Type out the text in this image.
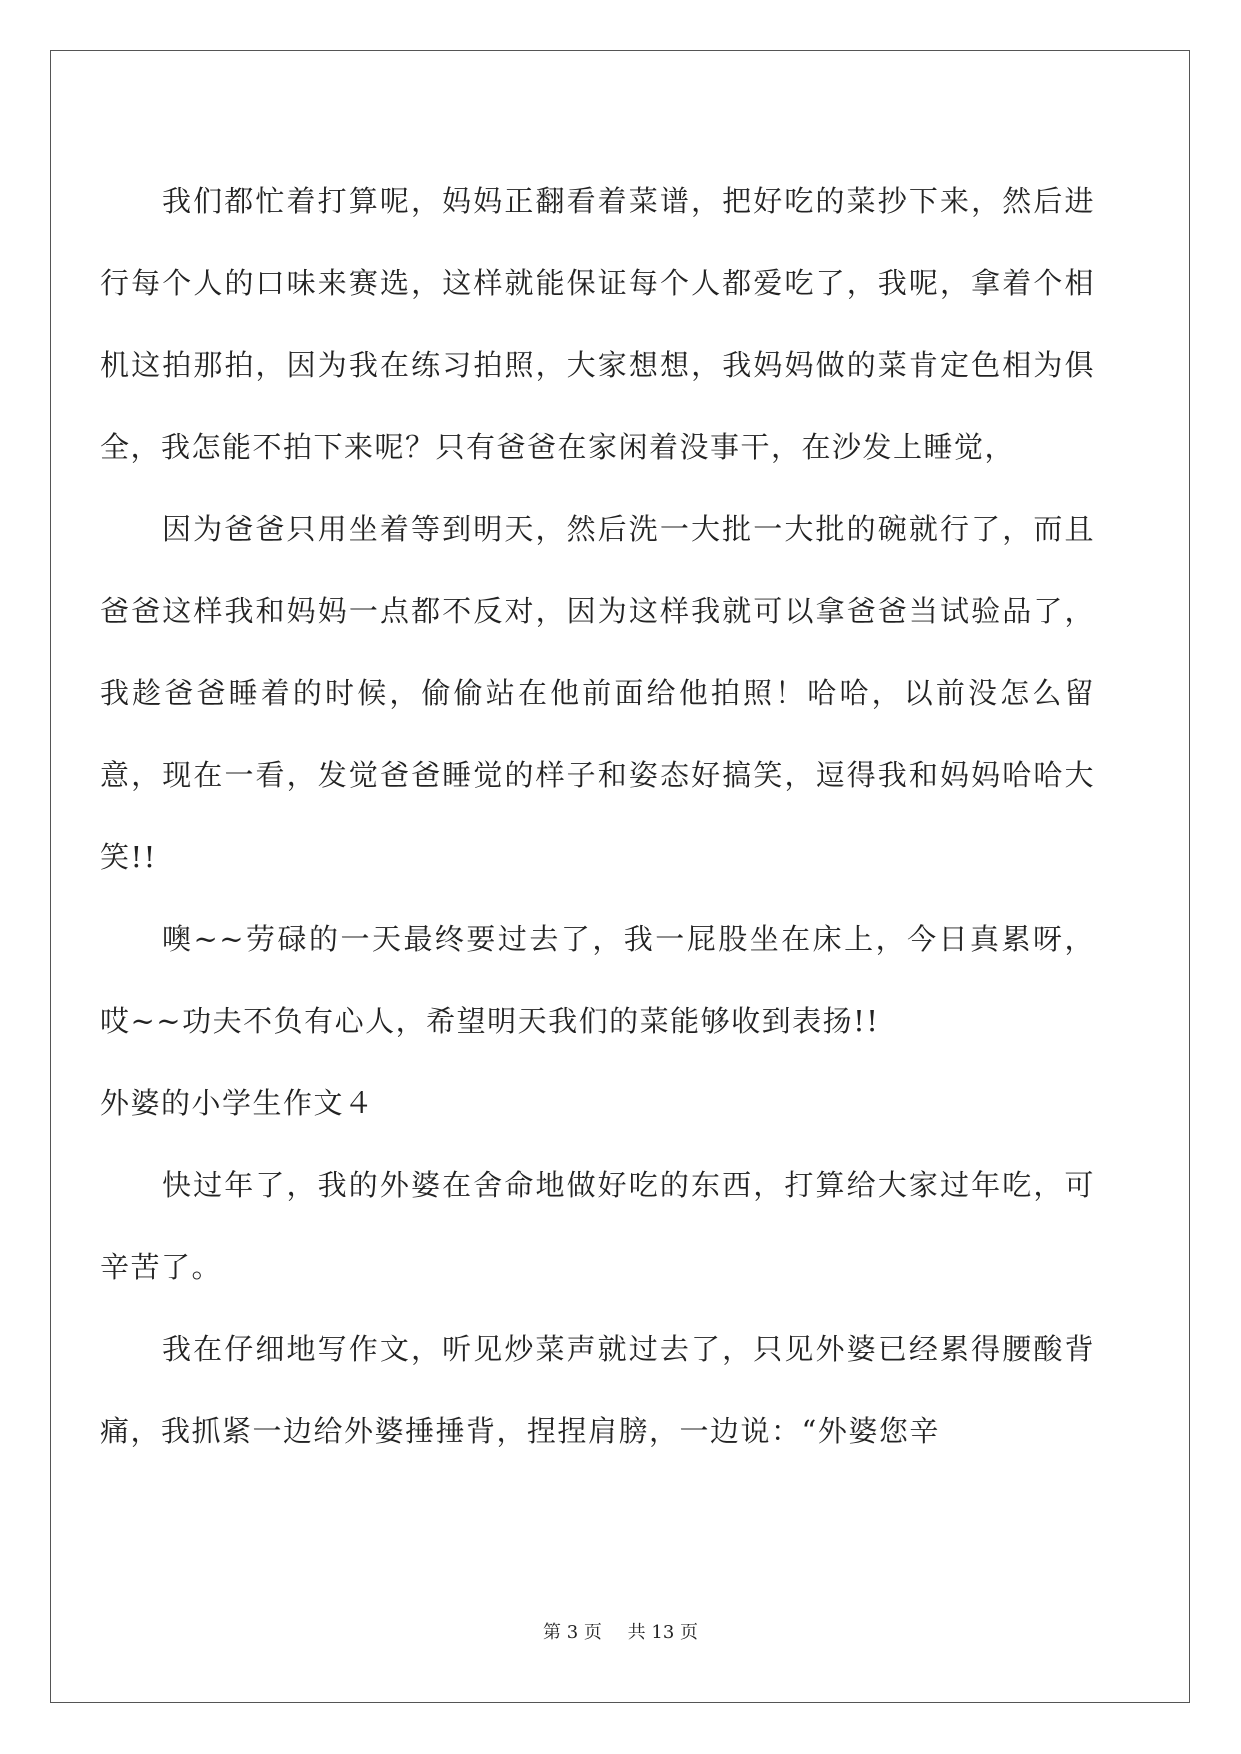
我们都忙着打算呢，妈妈正翻看着菜谱，把好吃的菜抄下来，然后进行每个人的口味来赛选，这样就能保证每个人都爱吃了，我呢，拿着个相机这拍那拍，因为我在练习拍照，大家想想，我妈妈做的菜肯定色相为俱全，我怎能不拍下来呢？只有爸爸在家闲着没事干，在沙发上睡觉，

因为爸爸只用坐着等到明天，然后洗一大批一大批的碗就行了，而且爸爸这样我和妈妈一点都不反对，因为这样我就可以拿爸爸当试验品了，我趁爸爸睡着的时候，偷偷站在他前面给他拍照！哈哈，以前没怎么留意，现在一看，发觉爸爸睡觉的样子和姿态好搞笑，逗得我和妈妈哈哈大笑!!

噢~~劳碌的一天最终要过去了，我一屁股坐在床上，今日真累呀，哎~~功夫不负有心人，希望明天我们的菜能够收到表扬!!

外婆的小学生作文４

快过年了，我的外婆在舍命地做好吃的东西，打算给大家过年吃，可辛苦了。

我在仔细地写作文，听见炒菜声就过去了，只见外婆已经累得腰酸背痛，我抓紧一边给外婆捶捶背，捏捏肩膀，一边说：“外婆您辛

第 3 页 共 13 页
